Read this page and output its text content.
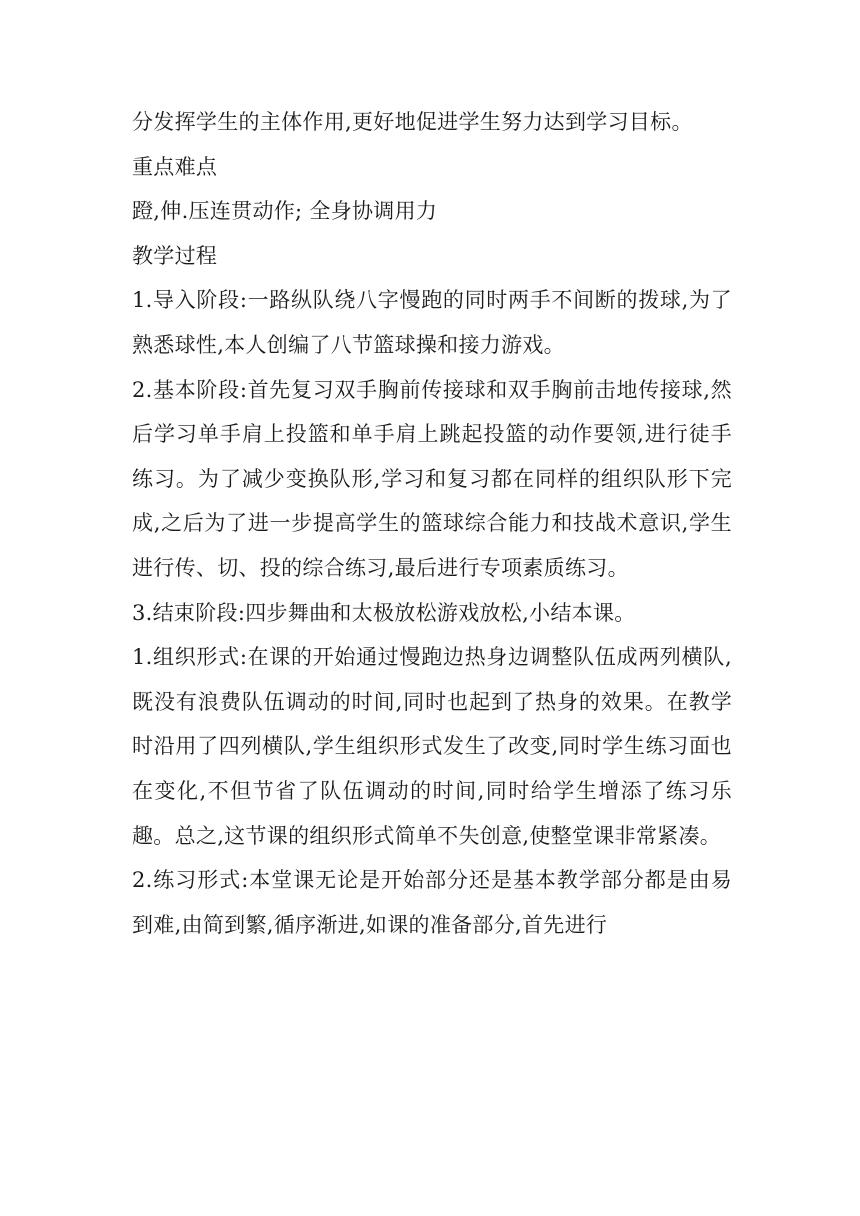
分发挥学生的主体作用,更好地促进学生努力达到学习目标。

重点难点

蹬,伸.压连贯动作; 全身协调用力

教学过程

1.导入阶段:一路纵队绕八字慢跑的同时两手不间断的拨球,为了熟悉球性,本人创编了八节篮球操和接力游戏。

2.基本阶段:首先复习双手胸前传接球和双手胸前击地传接球,然后学习单手肩上投篮和单手肩上跳起投篮的动作要领,进行徒手练习。为了减少变换队形,学习和复习都在同样的组织队形下完成,之后为了进一步提高学生的篮球综合能力和技战术意识,学生进行传、切、投的综合练习,最后进行专项素质练习。

3.结束阶段:四步舞曲和太极放松游戏放松,小结本课。

1.组织形式:在课的开始通过慢跑边热身边调整队伍成两列横队,既没有浪费队伍调动的时间,同时也起到了热身的效果。在教学时沿用了四列横队,学生组织形式发生了改变,同时学生练习面也在变化,不但节省了队伍调动的时间,同时给学生增添了练习乐趣。总之,这节课的组织形式简单不失创意,使整堂课非常紧凑。

2.练习形式:本堂课无论是开始部分还是基本教学部分都是由易到难,由简到繁,循序渐进,如课的准备部分,首先进行
